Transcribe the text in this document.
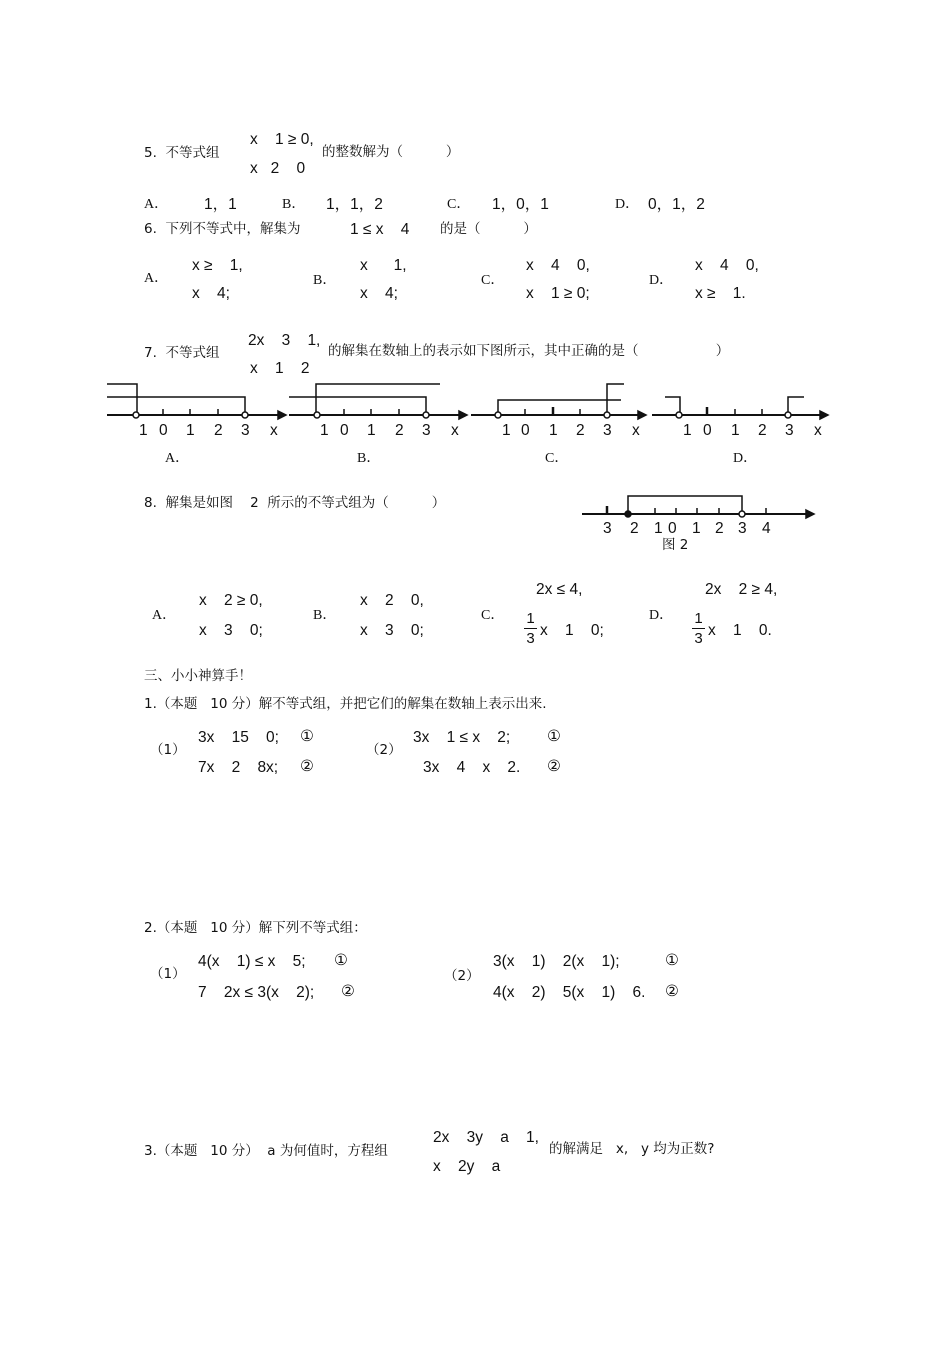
5.  不等式组
x    1 ≥ 0,
x   2    0
的整数解为（          ）
A． 1，1	B． 1，1，2	C． 1，0，1	D． 0，1，2
6.  下列不等式中，解集为	1 ≤ x    4 的是（          ）
A．
x ≥    1,
x    4;
B．
x      1,
x    4;
C．
x    4    0,
x    1 ≥ 0;
D．
x    4    0,
x ≥    1.
7.  不等式组
2x    3    1,
x    1    2
的解集在数轴上的表示如下图所示，其中正确的是（                  ）
1 0 1 2 3 x
A．
1 0 1 2 3 x
B．
1 0 1 2 3 x
C．
1 0 1 2 3 x
D．
8.  解集是如图    2  所示的不等式组为（          ）
3 2 1 0 1 2 3 4
图 2
A．
x    2 ≥ 0,
x    3    0;
B．
x    2    0,
x    3    0;
C．
2x ≤ 4,
1
3 x    1    0;
D．
2x    2 ≥ 4,
1
3 x    1    0.
三、小小神算手！
1.（本题   10 分）解不等式组，并把它们的解集在数轴上表示出来.
（1）
3x    15    0;
7x    2    8x;
①
②
（2）
3x    1 ≤ x    2;
3x    4    x    2.
①
②
2.（本题   10 分）解下列不等式组：
（1）
4(x    1) ≤ x    5;
7    2x ≤ 3(x    2);
①
②
（2）
3(x    1)    2(x    1);
4(x    2)    5(x    1)    6.
①
②
3.（本题   10 分）  a 为何值时，方程组
2x    3y    a    1,
x    2y    a
的解满足   x,   y 均为正数?
